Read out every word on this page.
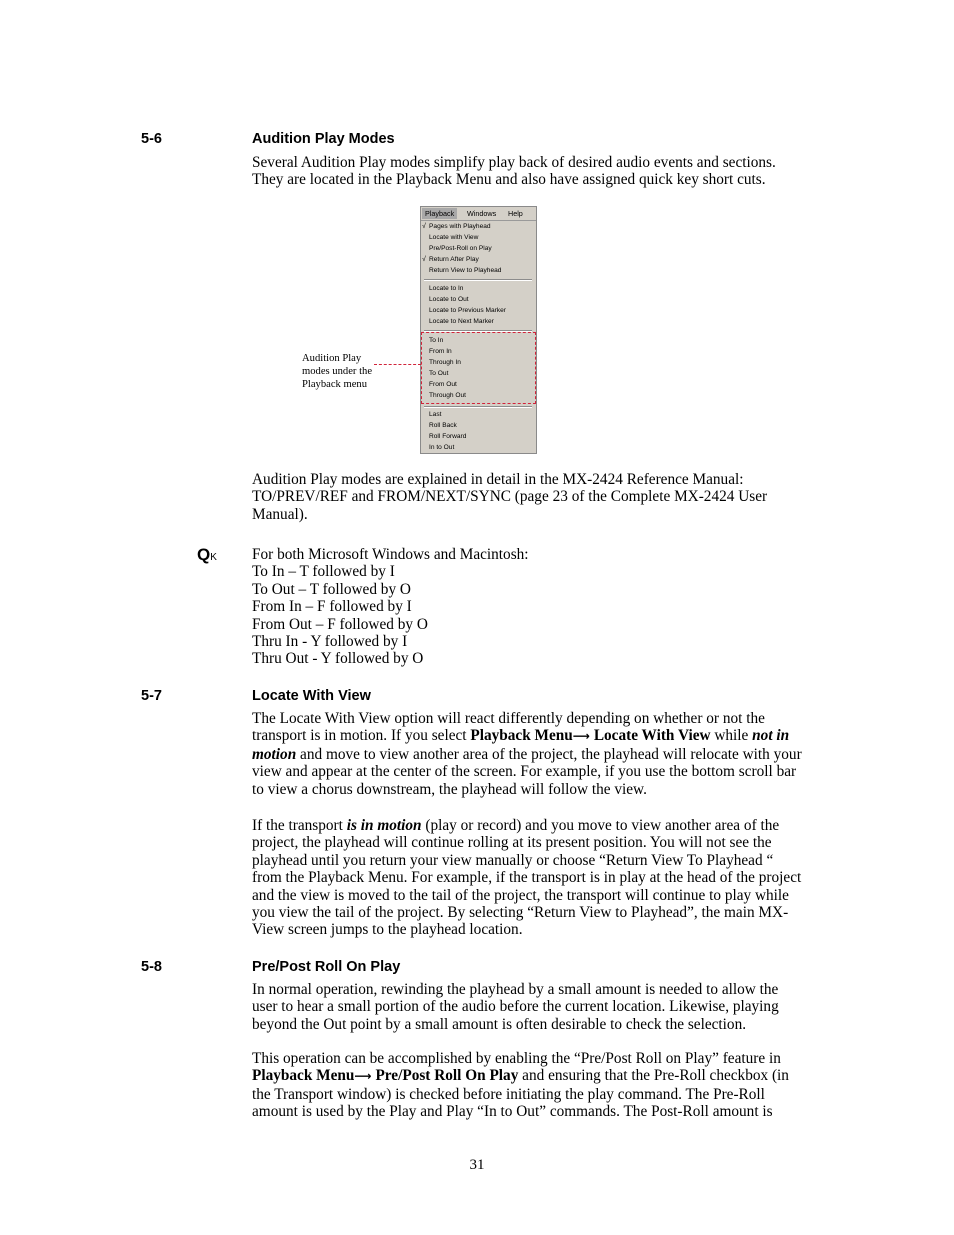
5-6	Audition Play Modes
Several Audition Play modes simplify play back of desired audio events and sections.
They are located in the Playback Menu and also have assigned quick key short cuts.
Playback	Windows Help
√ Pages with Playhead
Locate with View
Pre/Post-Roll on Play
√ Return After Play
Return View to Playhead
Locate to In
Locate to Out
Locate to Previous Marker
Locate to Next Marker
To In
From In
Through In
To Out
From Out
Through Out
Last
Roll Back
Roll Forward
In to Out
Audition Play
modes under the
Playback menu
Audition Play modes are explained in detail in the MX-2424 Reference Manual:
TO/PREV/REF and FROM/NEXT/SYNC (page 23 of the Complete MX-2424 User
Manual).
QK For both Microsoft Windows and Macintosh:
To In – T followed by I
To Out – T followed by O
From In – F followed by I
From Out – F followed by O
Thru In - Y followed by I
Thru Out - Y followed by O
5-7	Locate With View
The Locate With View option will react differently depending on whether or not the
transport is in motion. If you select Playback Menu⟶ Locate With View while not in
motion and move to view another area of the project, the playhead will relocate with your
view and appear at the center of the screen. For example, if you use the bottom scroll bar
to view a chorus downstream, the playhead will follow the view.
If the transport is in motion (play or record) and you move to view another area of the
project, the playhead will continue rolling at its present position. You will not see the
playhead until you return your view manually or choose “Return View To Playhead “
from the Playback Menu. For example, if the transport is in play at the head of the project
and the view is moved to the tail of the project, the transport will continue to play while
you view the tail of the project. By selecting “Return View to Playhead”, the main MX-
View screen jumps to the playhead location.
5-8	Pre/Post Roll On Play
In normal operation, rewinding the playhead by a small amount is needed to allow the
user to hear a small portion of the audio before the current location. Likewise, playing
beyond the Out point by a small amount is often desirable to check the selection.
This operation can be accomplished by enabling the “Pre/Post Roll on Play” feature in
Playback Menu⟶ Pre/Post Roll On Play and ensuring that the Pre-Roll checkbox (in
the Transport window) is checked before initiating the play command. The Pre-Roll
amount is used by the Play and Play “In to Out” commands. The Post-Roll amount is
31
